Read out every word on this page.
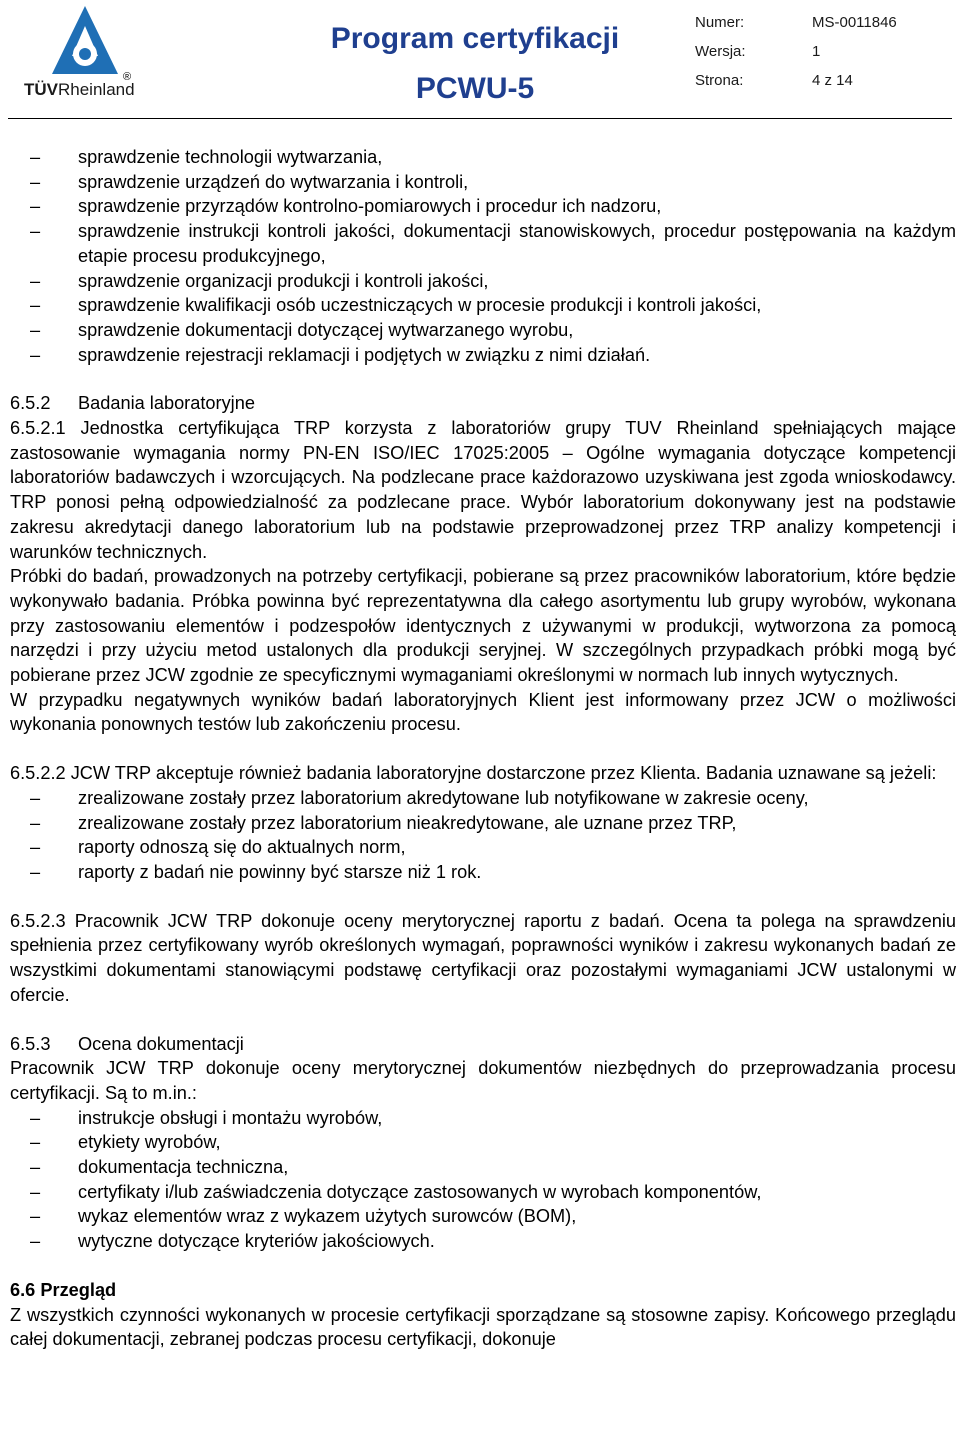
®
TÜVRheinland
Program certyfikacji
PCWU-5
Numer:	MS-0011846
Wersja:	1
Strona:	4 z 14
– sprawdzenie technologii wytwarzania,
– sprawdzenie urządzeń do wytwarzania i kontroli,
– sprawdzenie przyrządów kontrolno-pomiarowych i procedur ich nadzoru,
– sprawdzenie instrukcji kontroli jakości, dokumentacji stanowiskowych, procedur postępowania na każdym etapie procesu produkcyjnego,
– sprawdzenie organizacji produkcji i kontroli jakości,
– sprawdzenie kwalifikacji osób uczestniczących w procesie produkcji i kontroli jakości,
– sprawdzenie dokumentacji dotyczącej wytwarzanego wyrobu,
– sprawdzenie rejestracji reklamacji i podjętych w związku z nimi działań.

6.5.2 Badania laboratoryjne

6.5.2.1 Jednostka certyfikująca TRP korzysta z laboratoriów grupy TUV Rheinland spełniających mające zastosowanie wymagania normy PN-EN ISO/IEC 17025:2005 – Ogólne wymagania dotyczące kompetencji laboratoriów badawczych i wzorcujących. Na podzlecane prace każdorazowo uzyskiwana jest zgoda wnioskodawcy. TRP ponosi pełną odpowiedzialność za podzlecane prace. Wybór laboratorium dokonywany jest na podstawie zakresu akredytacji danego laboratorium lub na podstawie przeprowadzonej przez TRP analizy kompetencji i warunków technicznych.

Próbki do badań, prowadzonych na potrzeby certyfikacji, pobierane są przez pracowników laboratorium, które będzie wykonywało badania. Próbka powinna być reprezentatywna dla całego asortymentu lub grupy wyrobów, wykonana przy zastosowaniu elementów i podzespołów identycznych z używanymi w produkcji, wytworzona za pomocą narzędzi i przy użyciu metod ustalonych dla produkcji seryjnej. W szczególnych przypadkach próbki mogą być pobierane przez JCW zgodnie ze specyficznymi wymaganiami określonymi w normach lub innych wytycznych.

W przypadku negatywnych wyników badań laboratoryjnych Klient jest informowany przez JCW o możliwości wykonania ponownych testów lub zakończeniu procesu.

6.5.2.2 JCW TRP akceptuje również badania laboratoryjne dostarczone przez Klienta. Badania uznawane są jeżeli:

– zrealizowane zostały przez laboratorium akredytowane lub notyfikowane w zakresie oceny,
– zrealizowane zostały przez laboratorium nieakredytowane, ale uznane przez TRP,
– raporty odnoszą się do aktualnych norm,
– raporty z badań nie powinny być starsze niż 1 rok.

6.5.2.3 Pracownik JCW TRP dokonuje oceny merytorycznej raportu z badań. Ocena ta polega na sprawdzeniu spełnienia przez certyfikowany wyrób określonych wymagań, poprawności wyników i zakresu wykonanych badań ze wszystkimi dokumentami stanowiącymi podstawę certyfikacji oraz pozostałymi wymaganiami JCW ustalonymi w ofercie.

6.5.3 Ocena dokumentacji

Pracownik JCW TRP dokonuje oceny merytorycznej dokumentów niezbędnych do przeprowadzania procesu certyfikacji. Są to m.in.:

– instrukcje obsługi i montażu wyrobów,
– etykiety wyrobów,
– dokumentacja techniczna,
– certyfikaty i/lub zaświadczenia dotyczące zastosowanych w wyrobach komponentów,
– wykaz elementów wraz z wykazem użytych surowców (BOM),
– wytyczne dotyczące kryteriów jakościowych.

6.6 Przegląd

Z wszystkich czynności wykonanych w procesie certyfikacji sporządzane są stosowne zapisy. Końcowego przeglądu całej dokumentacji, zebranej podczas procesu certyfikacji, dokonuje
